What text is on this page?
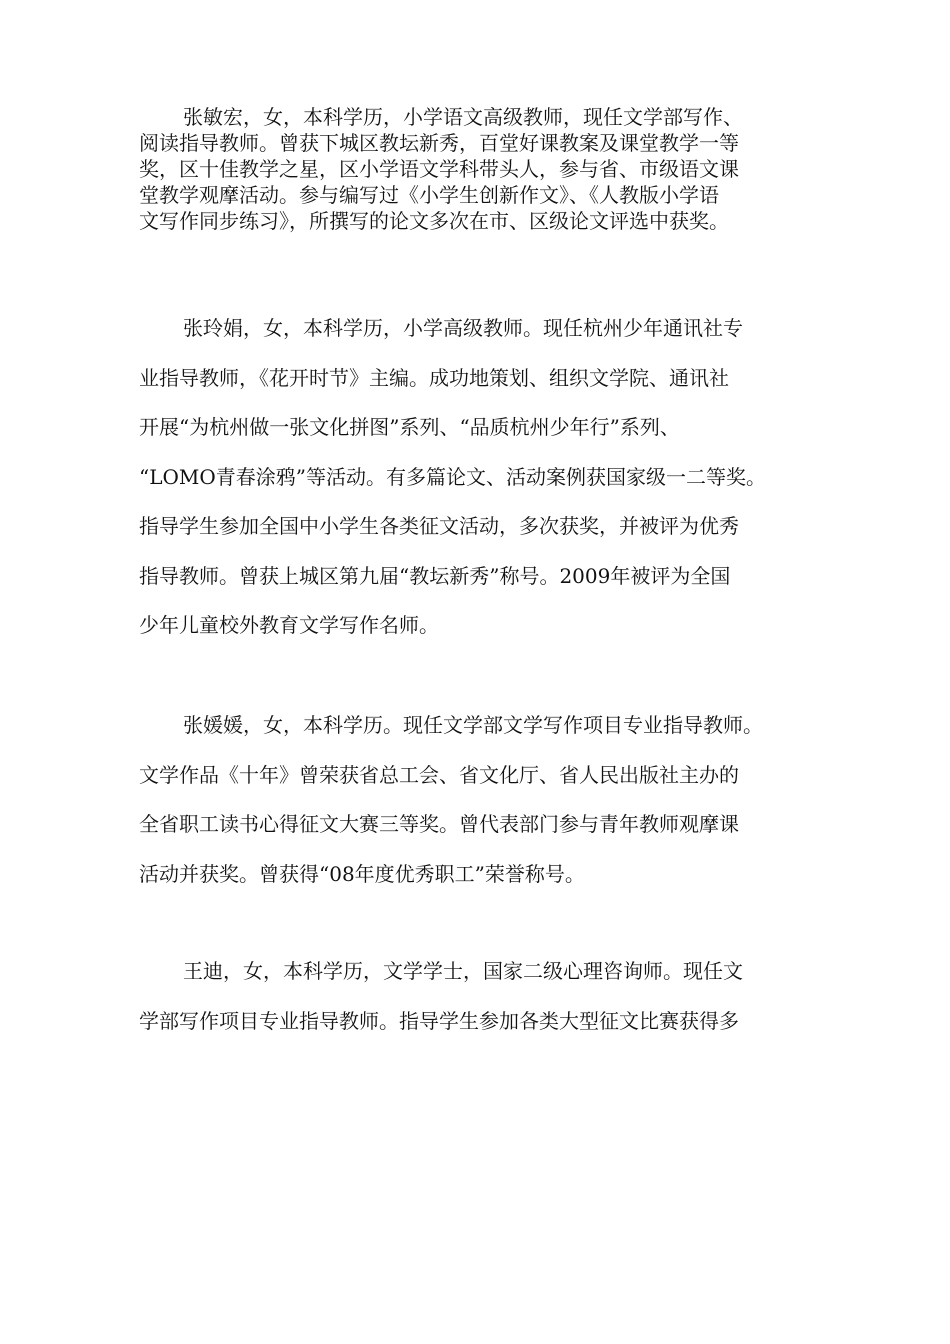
张敏宏，女，本科学历，小学语文高级教师，现任文学部写作、
阅读指导教师。曾获下城区教坛新秀，百堂好课教案及课堂教学一等
奖，区十佳教学之星，区小学语文学科带头人，参与省、市级语文课
堂教学观摩活动。参与编写过《小学生创新作文》、《人教版小学语
文写作同步练习》，所撰写的论文多次在市、区级论文评选中获奖。
张玲娟，女，本科学历，小学高级教师。现任杭州少年通讯社专
业指导教师，《花开时节》主编。成功地策划、组织文学院、通讯社
开展“为杭州做一张文化拼图”系列、“品质杭州少年行”系列、
“LOMO青春涂鸦”等活动。有多篇论文、活动案例获国家级一二等奖。
指导学生参加全国中小学生各类征文活动，多次获奖，并被评为优秀
指导教师。曾获上城区第九届“教坛新秀”称号。2009年被评为全国
少年儿童校外教育文学写作名师。
张媛媛，女，本科学历。现任文学部文学写作项目专业指导教师。
文学作品《十年》曾荣获省总工会、省文化厅、省人民出版社主办的
全省职工读书心得征文大赛三等奖。曾代表部门参与青年教师观摩课
活动并获奖。曾获得“08年度优秀职工”荣誉称号。
王迪，女，本科学历，文学学士，国家二级心理咨询师。现任文
学部写作项目专业指导教师。指导学生参加各类大型征文比赛获得多
